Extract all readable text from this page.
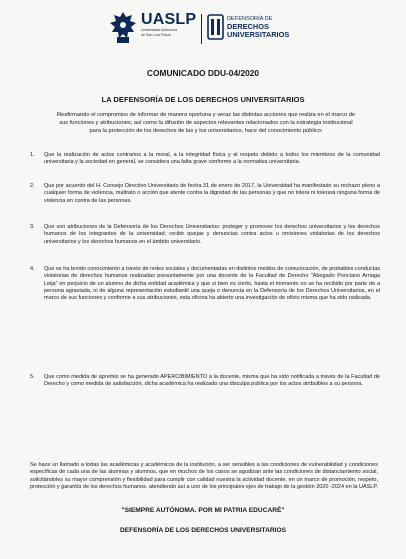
UASLP
Universidad Autónoma
de San Luis Potosí
DEFENSORÍA DE
DERECHOS
UNIVERSITARIOS
COMUNICADO DDU-04/2020
LA DEFENSORÍA DE LOS DERECHOS UNIVERSITARIOS
Reafirmando el compromiso de informar de manera oportuna y veraz las distintas acciones que realiza en el marco de sus funciones y atribuciones; así como la difusión de aspectos relevantes relacionados con la estrategia institucional para la protección de los derechos de las y los universitarios, hace del conocimiento público:
1. Que la realización de actos contrarios a la moral, a la integridad física y al respeto debido a todos los miembros de la comunidad universitaria y la sociedad en general, se considera una falta grave conforme a la normativa universitaria.
2. Que por acuerdo del H. Consejo Directivo Universitario de fecha 31 de enero de 2017, la Universidad ha manifestado su rechazo pleno a cualquier forma de violencia, maltrato o acción que atente contra la dignidad de las personas y que no tolera ni tolerará ninguna forma de violencia en contra de las personas.
3. Que son atribuciones de la Defensoría de los Derechos Universitarios: proteger y promover los derechos universitarios y los derechos humanos de los integrantes de la universidad; recibir quejas y denuncias contra actos u omisiones violatorias de los derechos universitarios y los derechos humanos en el ámbito universitario.
4. Que se ha tenido conocimiento a través de redes sociales y documentadas en distintos medios de comunicación, de probables conductas violatorias de derechos humanos realizadas presuntamente por una docente de la Facultad de Derecho "Abogado Ponciano Arriaga Leija" en perjuicio de un alumno de dicha entidad académica y que si bien es cierto, hasta el momento no se ha recibido por parte de a persona agraviada, ni de alguna representación estudiantil una queja o denuncia en la Defensoría de los Derechos Universitarios, en el marco de sus funciones y conforme a sus atribuciones, esta oficina ha abierto una investigación de oficio misma que ha sido radicada.
5. Que como medida de apremio se ha generado APERCIBIMIENTO a la docente, misma que ha sido notificada a través de la Facultad de Derecho y como medida de satisfacción, dicha académica ha realizado una disculpa pública por los actos atribuibles a su persona.
Se hace un llamado a todas las académicas y académicos de la institución, a ser sensibles a las condiciones de vulnerabilidad y condiciones específicas de cada una de las alumnas y alumnos, que en muchos de los casos se agudizan ante las condiciones de distanciamiento social, solicitándoles su mayor comprensión y flexibilidad para cumplir con calidad nuestra la actividad docente, en un marco de promoción, respeto, protección y garantía de los derechos humanos, atendiendo así a uno de los principales ejes de trabajo de la gestión 2020 -2024 en la UASLP.
"SIEMPRE AUTÓNOMA. POR MI PATRIA EDUCARÉ"
DEFENSORÍA DE LOS DERECHOS UNIVERSITARIOS
